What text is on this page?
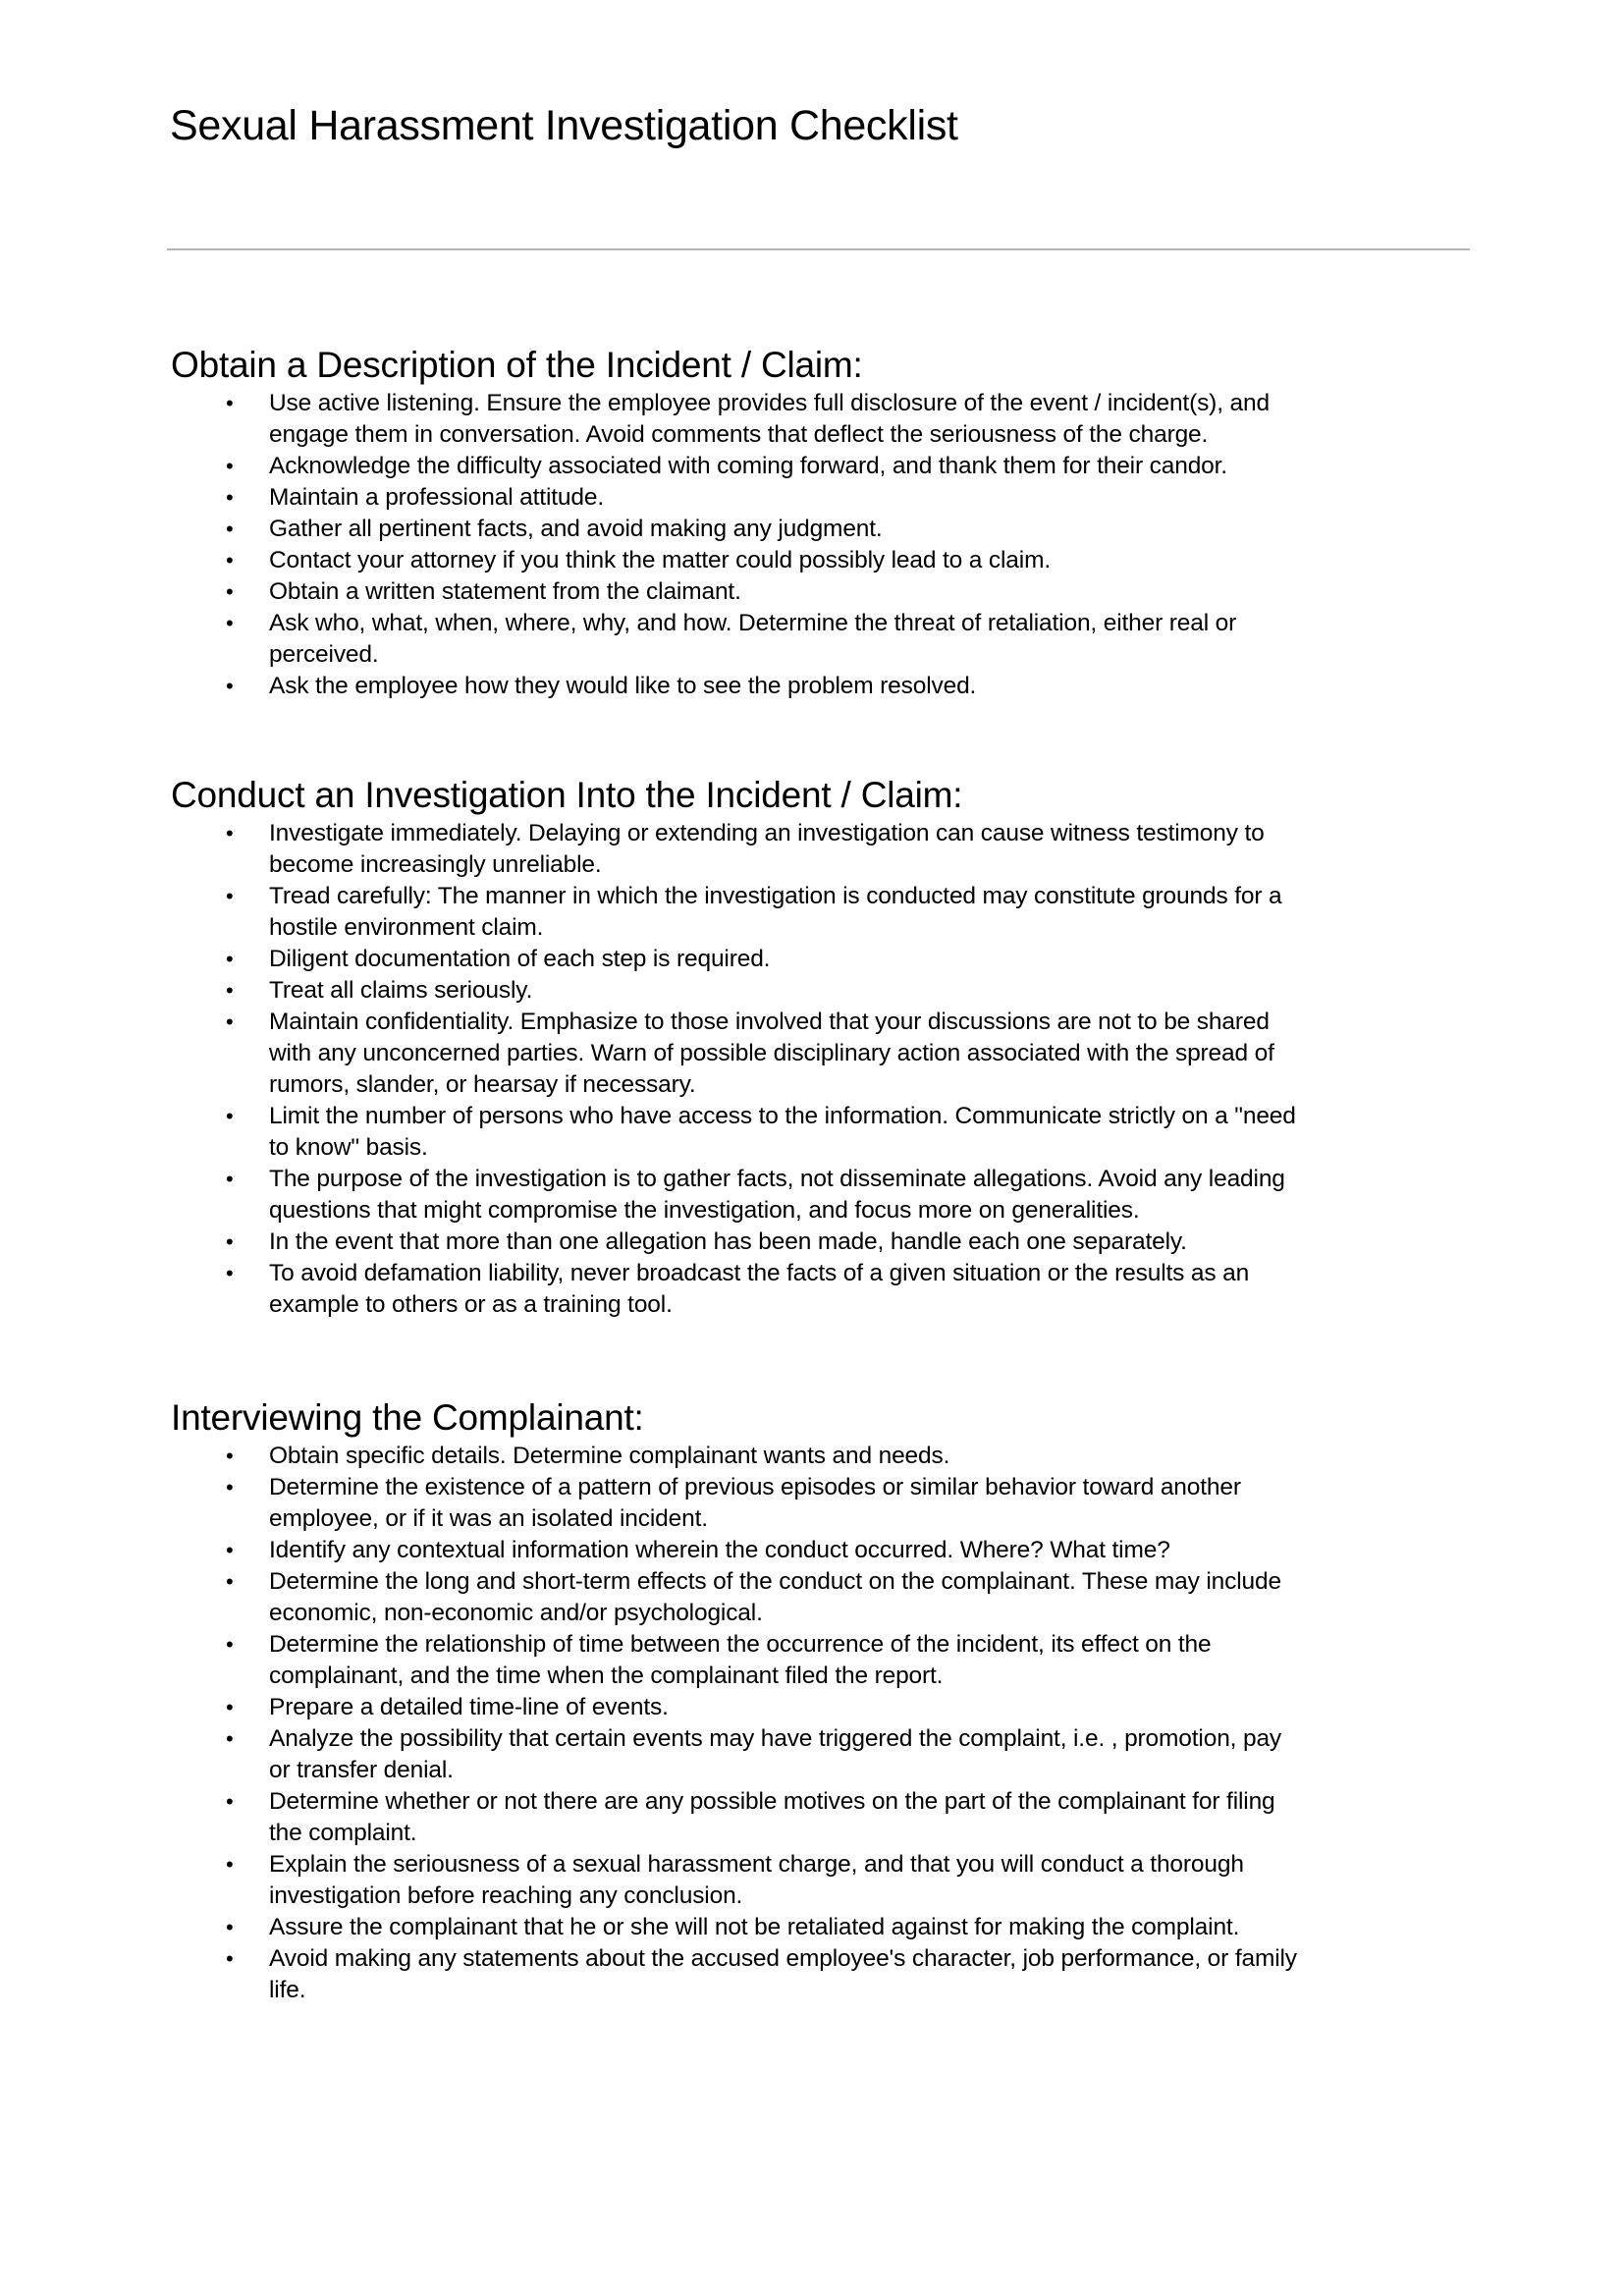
Sexual Harassment Investigation Checklist
Obtain a Description of the Incident / Claim:
• Use active listening. Ensure the employee provides full disclosure of the event / incident(s), and
engage them in conversation. Avoid comments that deflect the seriousness of the charge.
• Acknowledge the difficulty associated with coming forward, and thank them for their candor.
• Maintain a professional attitude.
• Gather all pertinent facts, and avoid making any judgment.
• Contact your attorney if you think the matter could possibly lead to a claim.
• Obtain a written statement from the claimant.
• Ask who, what, when, where, why, and how. Determine the threat of retaliation, either real or
perceived.
• Ask the employee how they would like to see the problem resolved.
Conduct an Investigation Into the Incident / Claim:
• Investigate immediately. Delaying or extending an investigation can cause witness testimony to
become increasingly unreliable.
• Tread carefully: The manner in which the investigation is conducted may constitute grounds for a
hostile environment claim.
• Diligent documentation of each step is required.
• Treat all claims seriously.
• Maintain confidentiality. Emphasize to those involved that your discussions are not to be shared
with any unconcerned parties. Warn of possible disciplinary action associated with the spread of
rumors, slander, or hearsay if necessary.
• Limit the number of persons who have access to the information. Communicate strictly on a "need
to know" basis.
• The purpose of the investigation is to gather facts, not disseminate allegations. Avoid any leading
questions that might compromise the investigation, and focus more on generalities.
• In the event that more than one allegation has been made, handle each one separately.
• To avoid defamation liability, never broadcast the facts of a given situation or the results as an
example to others or as a training tool.
Interviewing the Complainant:
• Obtain specific details. Determine complainant wants and needs.
• Determine the existence of a pattern of previous episodes or similar behavior toward another
employee, or if it was an isolated incident.
• Identify any contextual information wherein the conduct occurred. Where? What time?
• Determine the long and short-term effects of the conduct on the complainant. These may include
economic, non-economic and/or psychological.
• Determine the relationship of time between the occurrence of the incident, its effect on the
complainant, and the time when the complainant filed the report.
• Prepare a detailed time-line of events.
• Analyze the possibility that certain events may have triggered the complaint, i.e. , promotion, pay
or transfer denial.
• Determine whether or not there are any possible motives on the part of the complainant for filing
the complaint.
• Explain the seriousness of a sexual harassment charge, and that you will conduct a thorough
investigation before reaching any conclusion.
• Assure the complainant that he or she will not be retaliated against for making the complaint.
• Avoid making any statements about the accused employee's character, job performance, or family
life.
